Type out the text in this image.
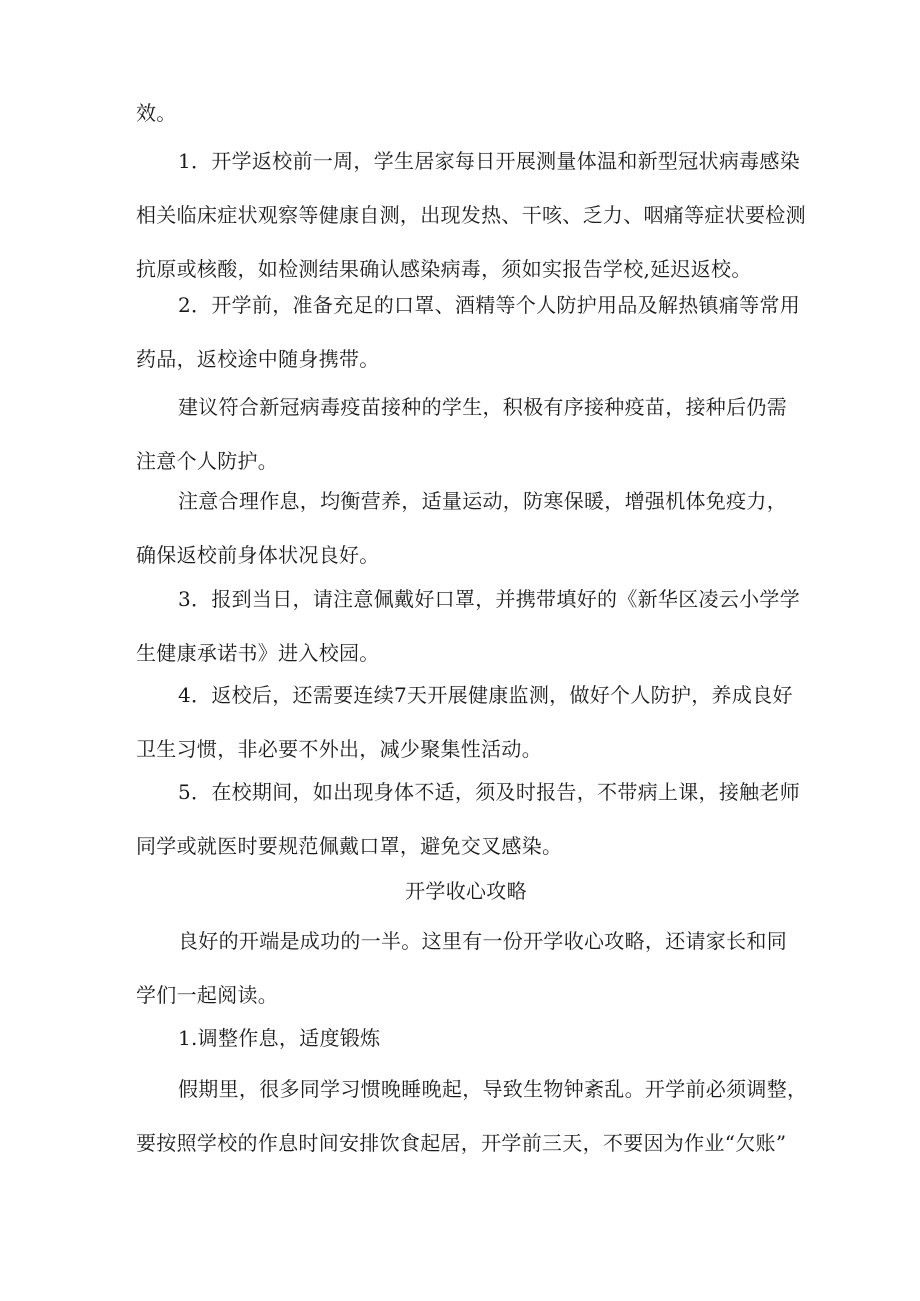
效。

1．开学返校前一周，学生居家每日开展测量体温和新型冠状病毒感染
相关临床症状观察等健康自测，出现发热、干咳、乏力、咽痛等症状要检测
抗原或核酸，如检测结果确认感染病毒，须如实报告学校,延迟返校。

2．开学前，准备充足的口罩、酒精等个人防护用品及解热镇痛等常用
药品，返校途中随身携带。

建议符合新冠病毒疫苗接种的学生，积极有序接种疫苗，接种后仍需
注意个人防护。

注意合理作息，均衡营养，适量运动，防寒保暖，增强机体免疫力，
确保返校前身体状况良好。

3．报到当日，请注意佩戴好口罩，并携带填好的《新华区凌云小学学
生健康承诺书》进入校园。

4．返校后，还需要连续7天开展健康监测，做好个人防护，养成良好
卫生习惯，非必要不外出，减少聚集性活动。

5．在校期间，如出现身体不适，须及时报告，不带病上课，接触老师
同学或就医时要规范佩戴口罩，避免交叉感染。

开学收心攻略

良好的开端是成功的一半。这里有一份开学收心攻略，还请家长和同
学们一起阅读。

1.调整作息，适度锻炼

假期里，很多同学习惯晚睡晚起，导致生物钟紊乱。开学前必须调整，
要按照学校的作息时间安排饮食起居，开学前三天，不要因为作业“欠账”
